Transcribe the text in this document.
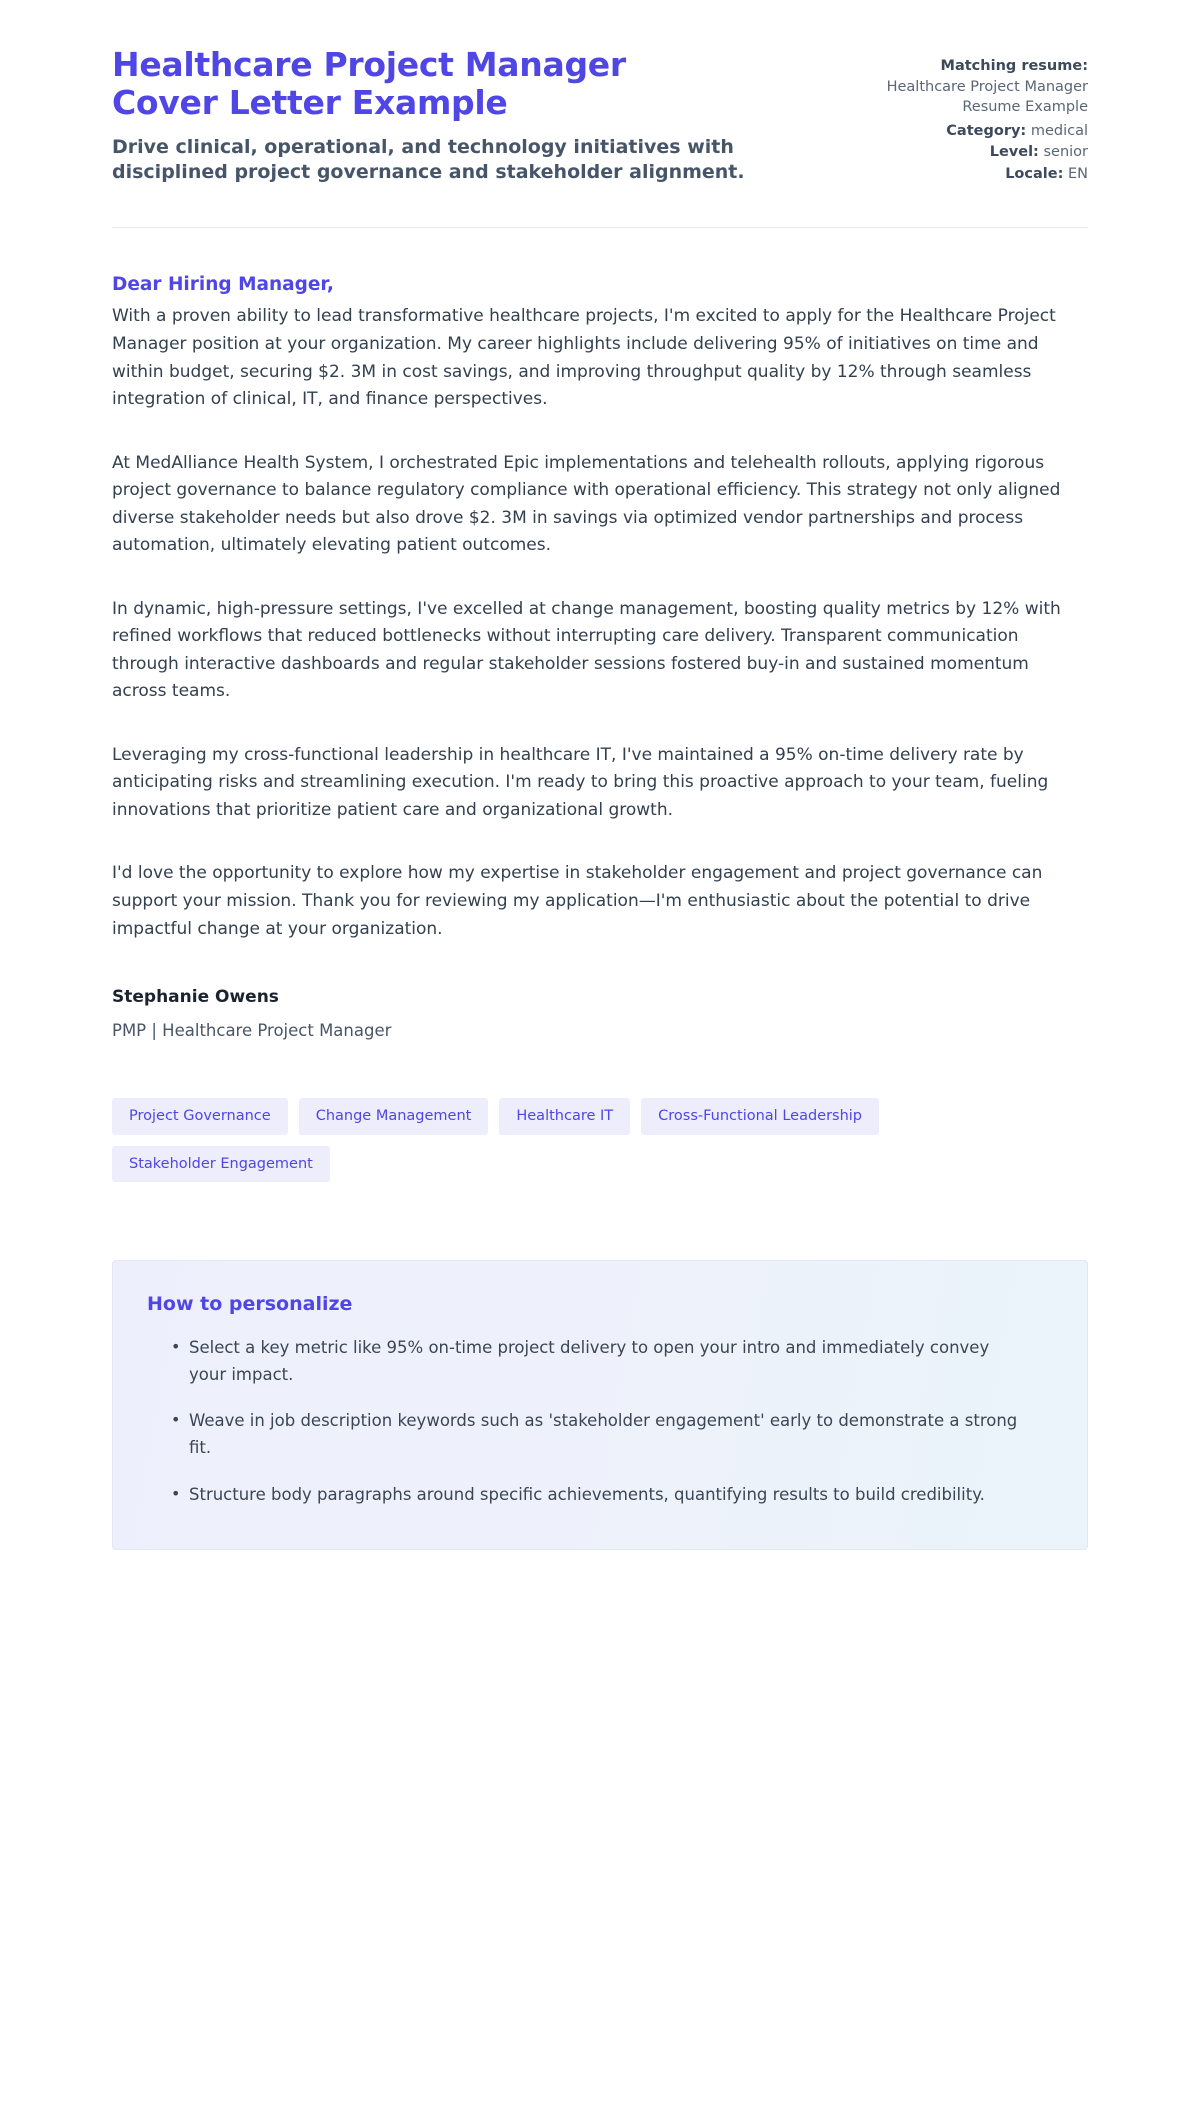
Healthcare Project Manager Cover Letter Example

Drive clinical, operational, and technology initiatives with disciplined project governance and stakeholder alignment.

Matching resume:
Healthcare Project Manager Resume Example
Category: medical
Level: senior
Locale: EN

Dear Hiring Manager,

With a proven ability to lead transformative healthcare projects, I'm excited to apply for the Healthcare Project Manager position at your organization. My career highlights include delivering 95% of initiatives on time and within budget, securing $2. 3M in cost savings, and improving throughput quality by 12% through seamless integration of clinical, IT, and finance perspectives.

At MedAlliance Health System, I orchestrated Epic implementations and telehealth rollouts, applying rigorous project governance to balance regulatory compliance with operational efficiency. This strategy not only aligned diverse stakeholder needs but also drove $2. 3M in savings via optimized vendor partnerships and process automation, ultimately elevating patient outcomes.

In dynamic, high-pressure settings, I've excelled at change management, boosting quality metrics by 12% with refined workflows that reduced bottlenecks without interrupting care delivery. Transparent communication through interactive dashboards and regular stakeholder sessions fostered buy-in and sustained momentum across teams.

Leveraging my cross-functional leadership in healthcare IT, I've maintained a 95% on-time delivery rate by anticipating risks and streamlining execution. I'm ready to bring this proactive approach to your team, fueling innovations that prioritize patient care and organizational growth.

I'd love the opportunity to explore how my expertise in stakeholder engagement and project governance can support your mission. Thank you for reviewing my application—I'm enthusiastic about the potential to drive impactful change at your organization.

Stephanie Owens

PMP | Healthcare Project Manager

Project Governance	Change Management	Healthcare IT	Cross-Functional Leadership
Stakeholder Engagement
How to personalize
• Select a key metric like 95% on-time project delivery to open your intro and immediately convey your impact.
• Weave in job description keywords such as 'stakeholder engagement' early to demonstrate a strong fit.
• Structure body paragraphs around specific achievements, quantifying results to build credibility.
